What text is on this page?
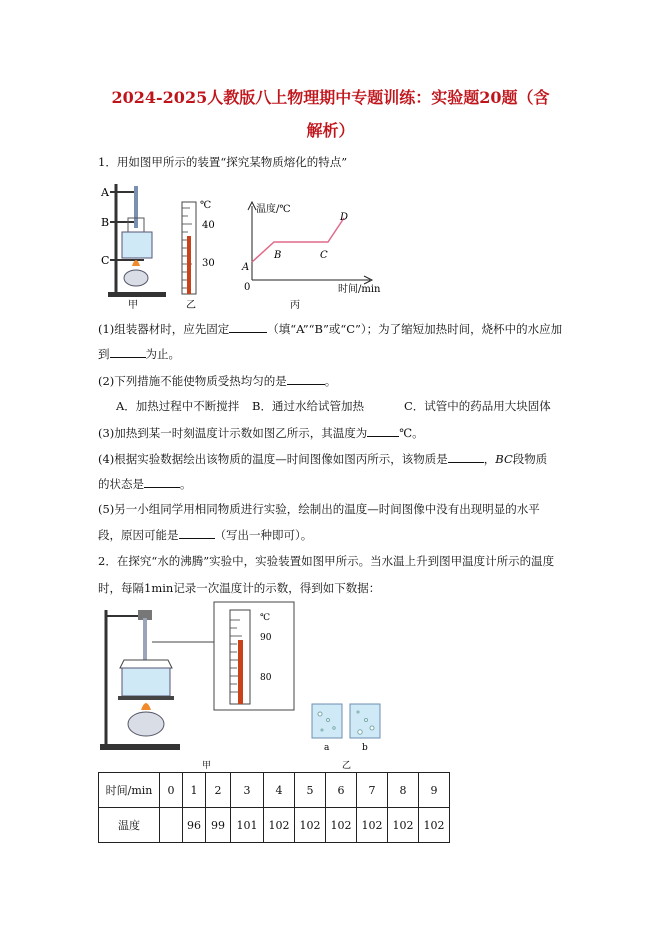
2024-2025人教版八上物理期中专题训练：实验题20题（含
解析）
1．用如图甲所示的装置“探究某物质熔化的特点”
A
B
C
甲
℃
40
30
乙
温度/℃
A
B	C
D
0	时间/min
丙
(1)组装器材时，应先固定	（填“A”“B”或“C”）；为了缩短加热时间，烧杯中的水应加
到	为止。
(2)下列措施不能使物质受热均匀的是	。
A．加热过程中不断搅拌 B．通过水给试管加热	C．试管中的药品用大块固体
(3)加热到某一时刻温度计示数如图乙所示，其温度为	℃。
(4)根据实验数据绘出该物质的温度—时间图像如图丙所示，该物质是	，BC段物质
的状态是	。
(5)另一小组同学用相同物质进行实验，绘制出的温度—时间图像中没有出现明显的水平
段，原因可能是	（写出一种即可）。
2．在探究“水的沸腾”实验中，实验装置如图甲所示。当水温上升到图甲温度计所示的温度
时，每隔1min记录一次温度计的示数，得到如下数据：
℃
90
80
甲
a	b
乙
时间/min	0	1	2	3	4	5	6	7	8	9
温度		96	99	101	102	102	102	102	102	102
